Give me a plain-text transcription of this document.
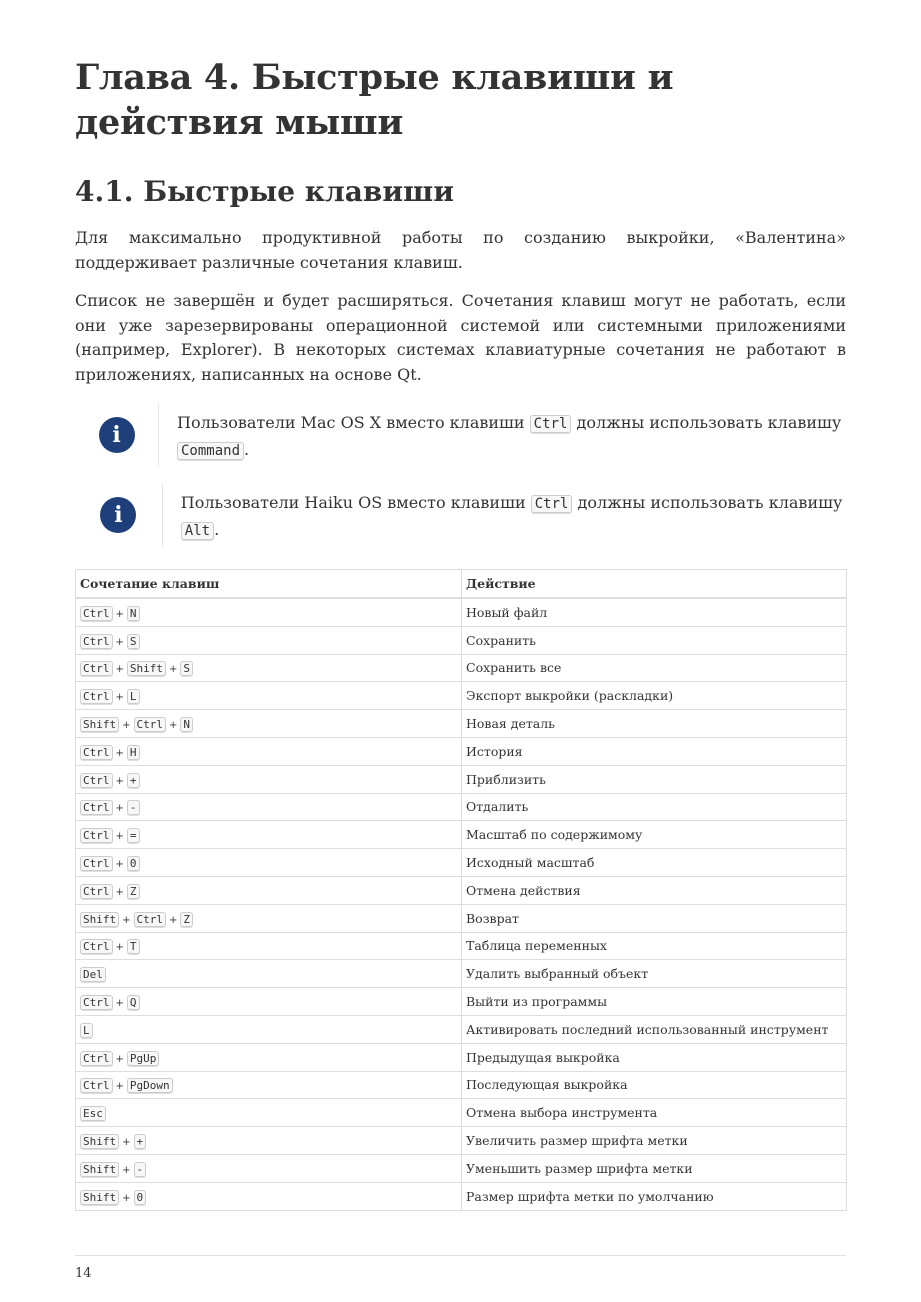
Глава 4. Быстрые клавиши и действия мыши
4.1. Быстрые клавиши

Для максимально продуктивной работы по созданию выкройки, «Валентина» поддерживает различные сочетания клавиш.

Список не завершён и будет расширяться. Сочетания клавиш могут не работать, если они уже зарезервированы операционной системой или системными приложениями (например, Explorer). В некоторых системах клавиатурные сочетания не работают в приложениях, написанных на основе Qt.

i	Пользователи Mac OS X вместо клавиши Ctrl должны использовать клавишу Command .
i	Пользователи Haiku OS вместо клавиши Ctrl должны использовать клавишу Alt .
Сочетание клавиш	Действие
Ctrl + N	Новый файл
Ctrl + S	Сохранить
Ctrl + Shift + S	Сохранить все
Ctrl + L	Экспорт выкройки (раскладки)
Shift + Ctrl + N	Новая деталь
Ctrl + H	История
Ctrl + +	Приблизить
Ctrl + -	Отдалить
Ctrl + =	Масштаб по содержимому
Ctrl + 0	Исходный масштаб
Ctrl + Z	Отмена действия
Shift + Ctrl + Z	Возврат
Ctrl + T	Таблица переменных
Del	Удалить выбранный объект
Ctrl + Q	Выйти из программы
L	Активировать последний использованный инструмент
Ctrl + PgUp	Предыдущая выкройка
Ctrl + PgDown	Последующая выкройка
Esc	Отмена выбора инструмента
Shift + +	Увеличить размер шрифта метки
Shift + -	Уменьшить размер шрифта метки
Shift + 0	Размер шрифта метки по умолчанию
14
